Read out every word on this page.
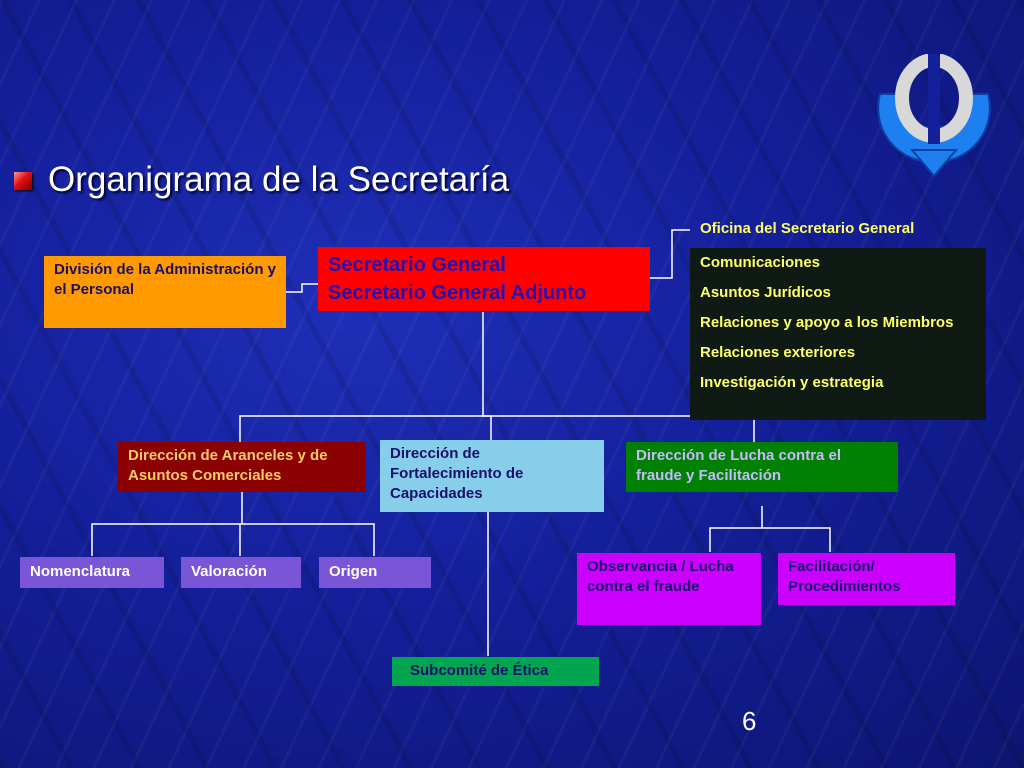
Organigrama de la Secretaría
División de la Administración y el Personal
Secretario General
Secretario General Adjunto
Oficina del Secretario General
Comunicaciones
Asuntos Jurídicos
Relaciones y apoyo a los Miembros
Relaciones exteriores
Investigación y estrategia
Dirección de Aranceles y de Asuntos Comerciales
Dirección de Fortalecimiento de Capacidades
Dirección de Lucha contra el fraude y Facilitación
Nomenclatura	Valoración	Origen	Observancia / Lucha contra el fraude
Facilitación/ Procedimientos
Subcomité de Ética
6
